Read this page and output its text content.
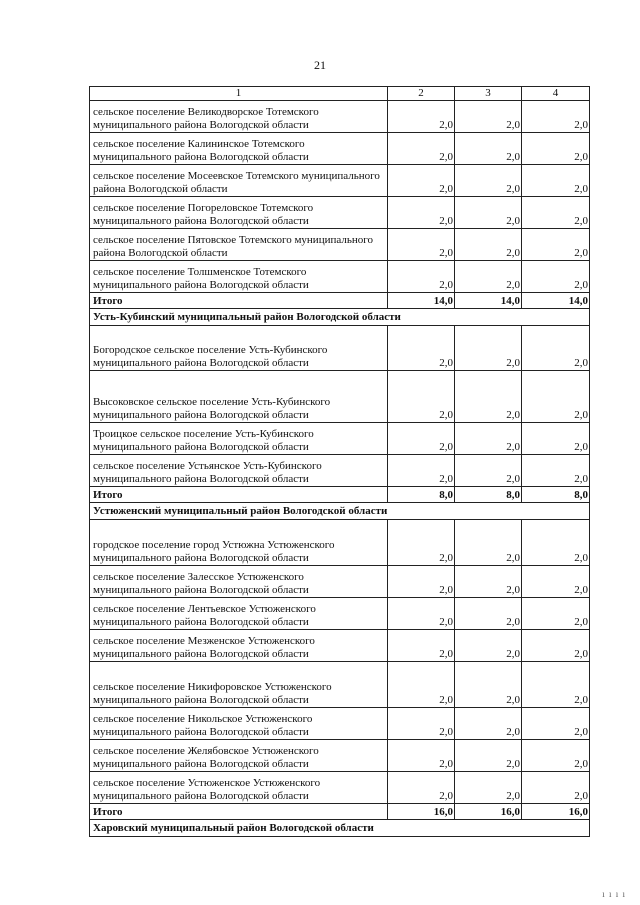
21
1	2	3	4
сельское поселение Великодворское Тотемского муниципального района Вологодской области	2,0	2,0	2,0
сельское поселение Калининское Тотемского муниципального района Вологодской области	2,0	2,0	2,0
сельское поселение Мосеевское Тотемского муниципального района Вологодской области	2,0	2,0	2,0
сельское поселение Погореловское Тотемского муниципального района Вологодской области	2,0	2,0	2,0
сельское поселение Пятовское Тотемского муниципального района Вологодской области	2,0	2,0	2,0
сельское поселение Толшменское Тотемского муниципального района Вологодской области	2,0	2,0	2,0
Итого	14,0	14,0	14,0
Усть-Кубинский муниципальный район Вологодской области			
Богородское сельское поселение Усть-Кубинского муниципального района Вологодской области	2,0	2,0	2,0
Высоковское сельское поселение Усть-Кубинского муниципального района Вологодской области	2,0	2,0	2,0
Троицкое сельское поселение Усть-Кубинского муниципального района Вологодской области	2,0	2,0	2,0
сельское поселение Устьянское Усть-Кубинского муниципального района Вологодской области	2,0	2,0	2,0
Итого	8,0	8,0	8,0
Устюженский муниципальный район Вологодской области			
городское поселение город Устюжна Устюженского муниципального района Вологодской области	2,0	2,0	2,0
сельское поселение Залесское Устюженского муниципального района Вологодской области	2,0	2,0	2,0
сельское поселение Лентьевское Устюженского муниципального района Вологодской области	2,0	2,0	2,0
сельское поселение Мезженское Устюженского муниципального района Вологодской области	2,0	2,0	2,0
сельское поселение Никифоровское Устюженского муниципального района Вологодской области	2,0	2,0	2,0
сельское поселение Никольское Устюженского муниципального района Вологодской области	2,0	2,0	2,0
сельское поселение Желябовское Устюженского муниципального района Вологодской области	2,0	2,0	2,0
сельское поселение Устюженское Устюженского муниципального района Вологодской области	2,0	2,0	2,0
Итого	16,0	16,0	16,0
Харовский муниципальный район Вологодской области			
ı ı ı ı
